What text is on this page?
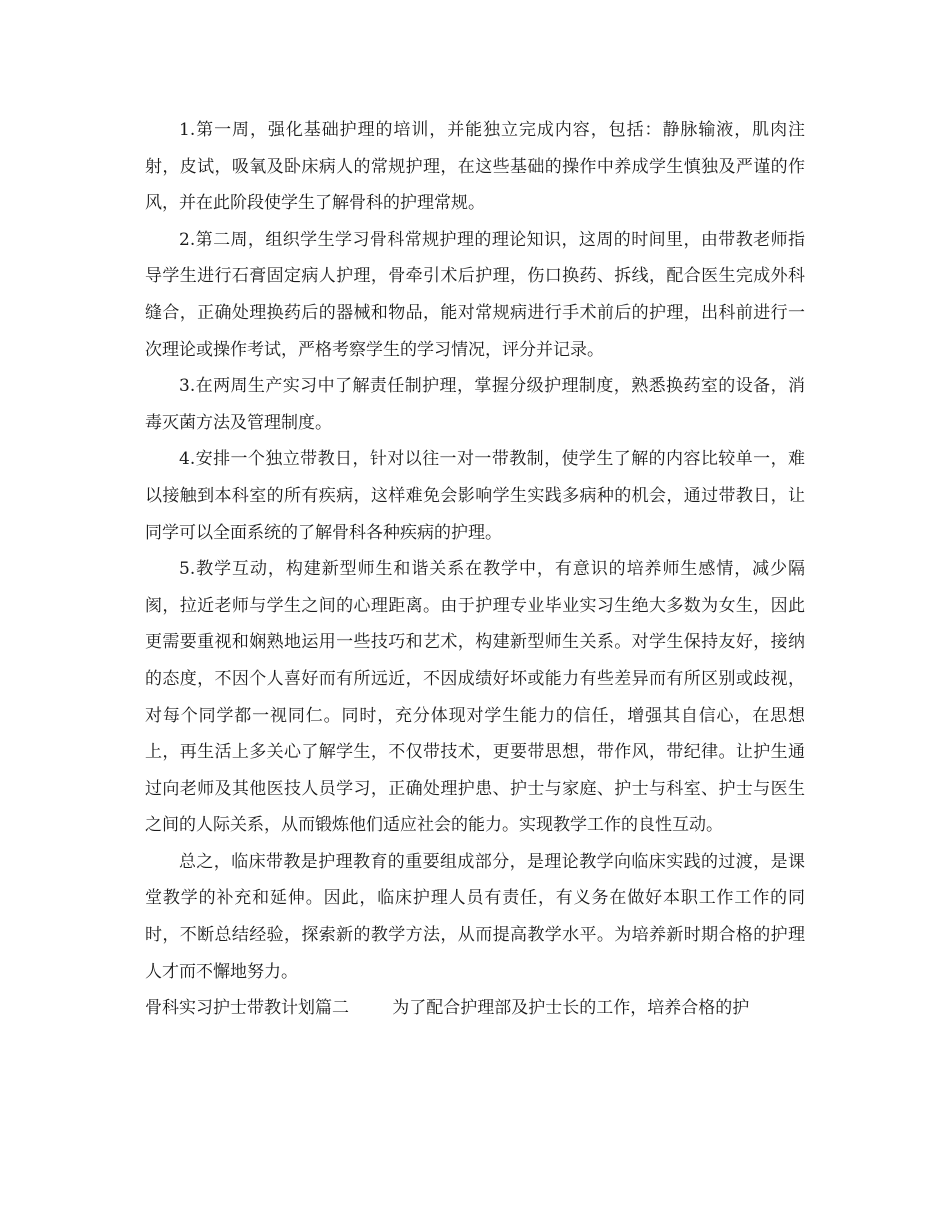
1.第一周，强化基础护理的培训，并能独立完成内容，包括：静脉输液，肌肉注射，皮试，吸氧及卧床病人的常规护理，在这些基础的操作中养成学生慎独及严谨的作风，并在此阶段使学生了解骨科的护理常规。

2.第二周，组织学生学习骨科常规护理的理论知识，这周的时间里，由带教老师指导学生进行石膏固定病人护理，骨牵引术后护理，伤口换药、拆线，配合医生完成外科缝合，正确处理换药后的器械和物品，能对常规病进行手术前后的护理，出科前进行一次理论或操作考试，严格考察学生的学习情况，评分并记录。

3.在两周生产实习中了解责任制护理，掌握分级护理制度，熟悉换药室的设备，消毒灭菌方法及管理制度。

4.安排一个独立带教日，针对以往一对一带教制，使学生了解的内容比较单一，难以接触到本科室的所有疾病，这样难免会影响学生实践多病种的机会，通过带教日，让同学可以全面系统的了解骨科各种疾病的护理。

5.教学互动，构建新型师生和谐关系在教学中，有意识的培养师生感情，减少隔阂，拉近老师与学生之间的心理距离。由于护理专业毕业实习生绝大多数为女生，因此更需要重视和娴熟地运用一些技巧和艺术，构建新型师生关系。对学生保持友好，接纳的态度，不因个人喜好而有所远近，不因成绩好坏或能力有些差异而有所区别或歧视，对每个同学都一视同仁。同时，充分体现对学生能力的信任，增强其自信心，在思想上，再生活上多关心了解学生，不仅带技术，更要带思想，带作风，带纪律。让护生通过向老师及其他医技人员学习，正确处理护患、护士与家庭、护士与科室、护士与医生之间的人际关系，从而锻炼他们适应社会的能力。实现教学工作的良性互动。

总之，临床带教是护理教育的重要组成部分，是理论教学向临床实践的过渡，是课堂教学的补充和延伸。因此，临床护理人员有责任，有义务在做好本职工作工作的同时，不断总结经验，探索新的教学方法，从而提高教学水平。为培养新时期合格的护理人才而不懈地努力。

骨科实习护士带教计划篇二	为了配合护理部及护士长的工作，培养合格的护
